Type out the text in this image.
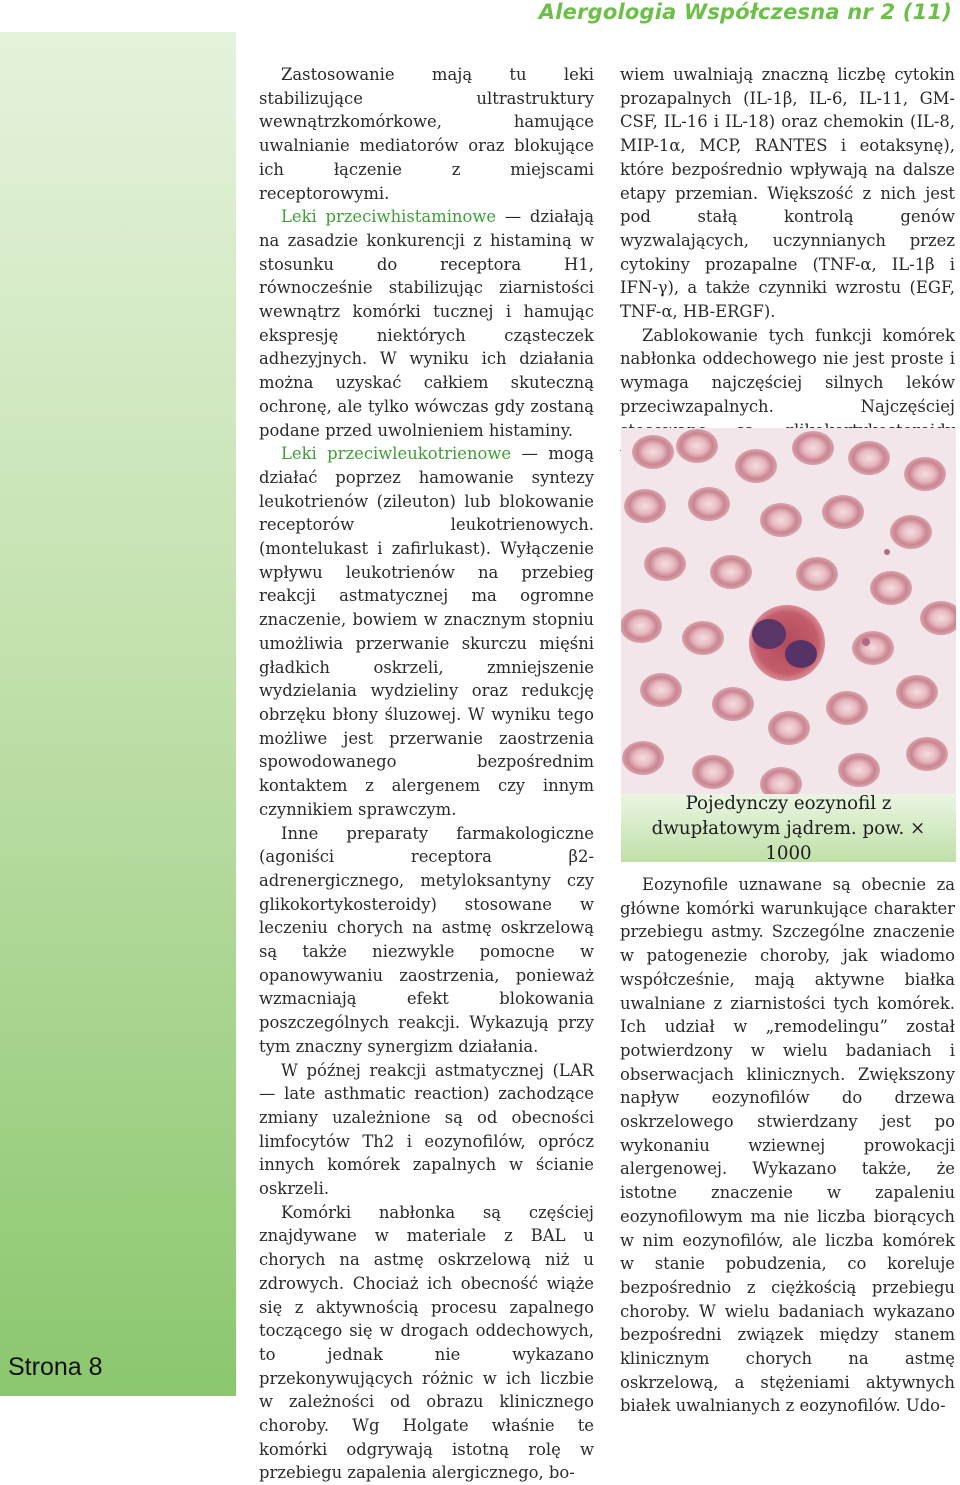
Alergologia Współczesna nr 2 (11)
Strona 8

Zastosowanie mają tu leki stabilizujące ultrastruktury wewnątrzkomórkowe, hamujące uwalnianie mediatorów oraz blokujące ich łączenie z miejscami receptorowymi.

Leki przeciwhistaminowe — działają na zasadzie konkurencji z histaminą w stosunku do receptora H1, równocześnie stabilizując ziarnistości wewnątrz komórki tucznej i hamując ekspresję niektórych cząsteczek adhezyjnych. W wyniku ich działania można uzyskać całkiem skuteczną ochronę, ale tylko wówczas gdy zostaną podane przed uwolnieniem histaminy.

Leki przeciwleukotrienowe — mogą działać poprzez hamowanie syntezy leukotrienów (zileuton) lub blokowanie receptorów leukotrienowych. (montelukast i zafirlukast). Wyłączenie wpływu leukotrienów na przebieg reakcji astmatycznej ma ogromne znaczenie, bowiem w znacznym stopniu umożliwia przerwanie skurczu mięśni gładkich oskrzeli, zmniejszenie wydzielania wydzieliny oraz redukcję obrzęku błony śluzowej. W wyniku tego możliwe jest przerwanie zaostrzenia spowodowanego bezpośrednim kontaktem z alergenem czy innym czynnikiem sprawczym.

Inne preparaty farmakologiczne (agoniści receptora β2-adrenergicznego, metyloksantyny czy glikokortykosteroidy) stosowane w leczeniu chorych na astmę oskrzelową są także niezwykle pomocne w opanowywaniu zaostrzenia, ponieważ wzmacniają efekt blokowania poszczególnych reakcji. Wykazują przy tym znaczny synergizm działania.

W późnej reakcji astmatycznej (LAR — late asthmatic reaction) zachodzące zmiany uzależnione są od obecności limfocytów Th2 i eozynofilów, oprócz innych komórek zapalnych w ścianie oskrzeli.

Komórki nabłonka są częściej znajdywane w materiale z BAL u chorych na astmę oskrzelową niż u zdrowych. Chociaż ich obecność wiąże się z aktywnością procesu zapalnego toczącego się w drogach oddechowych, to jednak nie wykazano przekonywujących różnic w ich liczbie w zależności od obrazu klinicznego choroby. Wg Holgate właśnie te komórki odgrywają istotną rolę w przebiegu zapalenia alergicznego, bo-

wiem uwalniają znaczną liczbę cytokin prozapalnych (IL-1β, IL-6, IL-11, GM-CSF, IL-16 i IL-18) oraz chemokin (IL-8, MIP-1α, MCP, RANTES i eotaksynę), które bezpośrednio wpływają na dalsze etapy przemian. Większość z nich jest pod stałą kontrolą genów wyzwalających, uczynnianych przez cytokiny prozapalne (TNF-α, IL-1β i IFN-γ), a także czynniki wzrostu (EGF, TNF-α, HB-ERGF).

Zablokowanie tych funkcji komórek nabłonka oddechowego nie jest proste i wymaga najczęściej silnych leków przeciwzapalnych. Najczęściej

Pojedynczy eozynofil z dwupłatowym jądrem. pow. × 1000

Eozynofile uznawane są obecnie za główne komórki warunkujące charakter przebiegu astmy. Szczególne znaczenie w patogenezie choroby, jak wiadomo współcześnie, mają aktywne białka uwalniane z ziarnistości tych komórek. Ich udział w „remodelingu” został potwierdzony w wielu badaniach i obserwacjach klinicznych. Zwiększony napływ eozynofilów do drzewa oskrzelowego stwierdzany jest po wykonaniu wziewnej prowokacji alergenowej. Wykazano także, że istotne znaczenie w zapaleniu eozynofilowym ma nie liczba biorących w nim eozynofilów, ale liczba komórek w stanie pobudzenia, co koreluje bezpośrednio z ciężkością przebiegu choroby. W wielu badaniach wykazano bezpośredni związek między stanem klinicznym chorych na astmę oskrzelową, a stężeniami aktywnych białek uwalnianych z eozynofilów. Udo-
